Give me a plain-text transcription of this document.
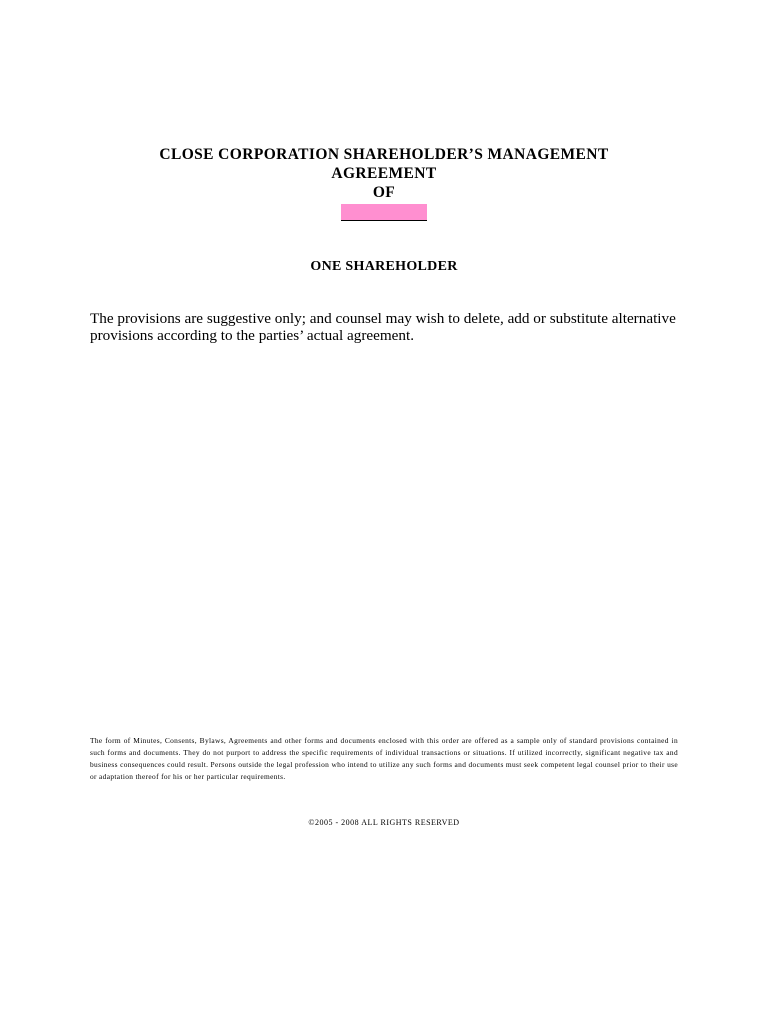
CLOSE CORPORATION SHAREHOLDER’S MANAGEMENT
AGREEMENT
OF
ONE SHAREHOLDER
The provisions are suggestive only; and counsel may wish to delete, add or substitute alternative provisions according to the parties’ actual agreement.
The form of Minutes, Consents, Bylaws, Agreements and other forms and documents enclosed with this order are offered as a sample only of standard provisions contained in such forms and documents. They do not purport to address the specific requirements of individual transactions or situations. If utilized incorrectly, significant negative tax and business consequences could result. Persons outside the legal profession who intend to utilize any such forms and documents must seek competent legal counsel prior to their use or adaptation thereof for his or her particular requirements.
©2005 - 2008 ALL RIGHTS RESERVED
